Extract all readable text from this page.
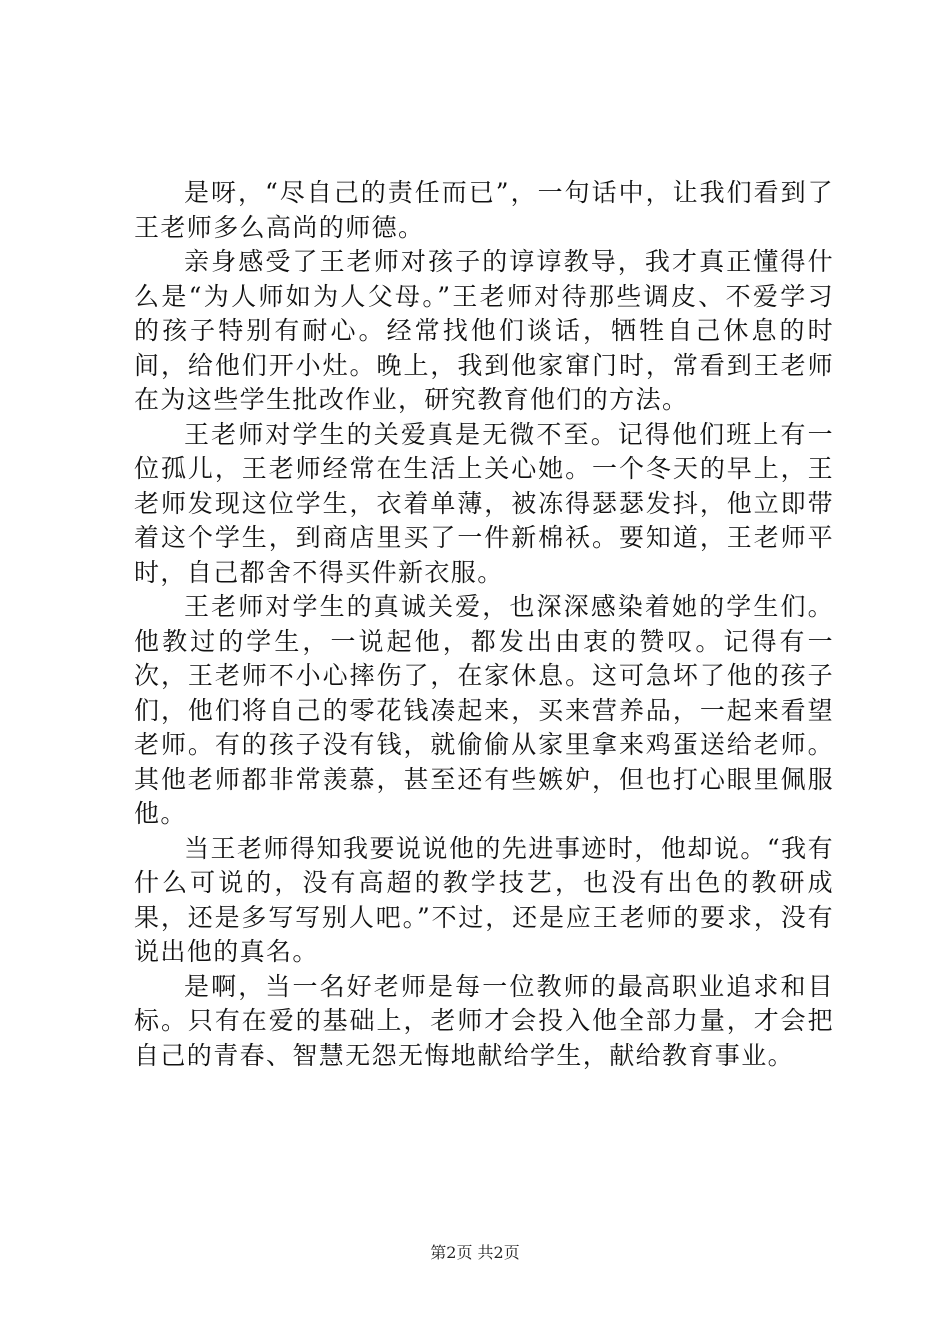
是呀，“尽自己的责任而已”，一句话中，让我们看到了王老师多么高尚的师德。

亲身感受了王老师对孩子的谆谆教导，我才真正懂得什么是“为人师如为人父母。”王老师对待那些调皮、不爱学习的孩子特别有耐心。经常找他们谈话，牺牲自己休息的时间，给他们开小灶。晚上，我到他家窜门时，常看到王老师在为这些学生批改作业，研究教育他们的方法。

王老师对学生的关爱真是无微不至。记得他们班上有一位孤儿，王老师经常在生活上关心她。一个冬天的早上，王老师发现这位学生，衣着单薄，被冻得瑟瑟发抖，他立即带着这个学生，到商店里买了一件新棉袄。要知道，王老师平时，自己都舍不得买件新衣服。

王老师对学生的真诚关爱，也深深感染着她的学生们。他教过的学生，一说起他，都发出由衷的赞叹。记得有一次，王老师不小心摔伤了，在家休息。这可急坏了他的孩子们，他们将自己的零花钱凑起来，买来营养品，一起来看望老师。有的孩子没有钱，就偷偷从家里拿来鸡蛋送给老师。其他老师都非常羡慕，甚至还有些嫉妒，但也打心眼里佩服他。

当王老师得知我要说说他的先进事迹时，他却说。“我有什么可说的，没有高超的教学技艺，也没有出色的教研成果，还是多写写别人吧。”不过，还是应王老师的要求，没有说出他的真名。

是啊，当一名好老师是每一位教师的最高职业追求和目标。只有在爱的基础上，老师才会投入他全部力量，才会把自己的青春、智慧无怨无悔地献给学生，献给教育事业。

第2页 共2页
